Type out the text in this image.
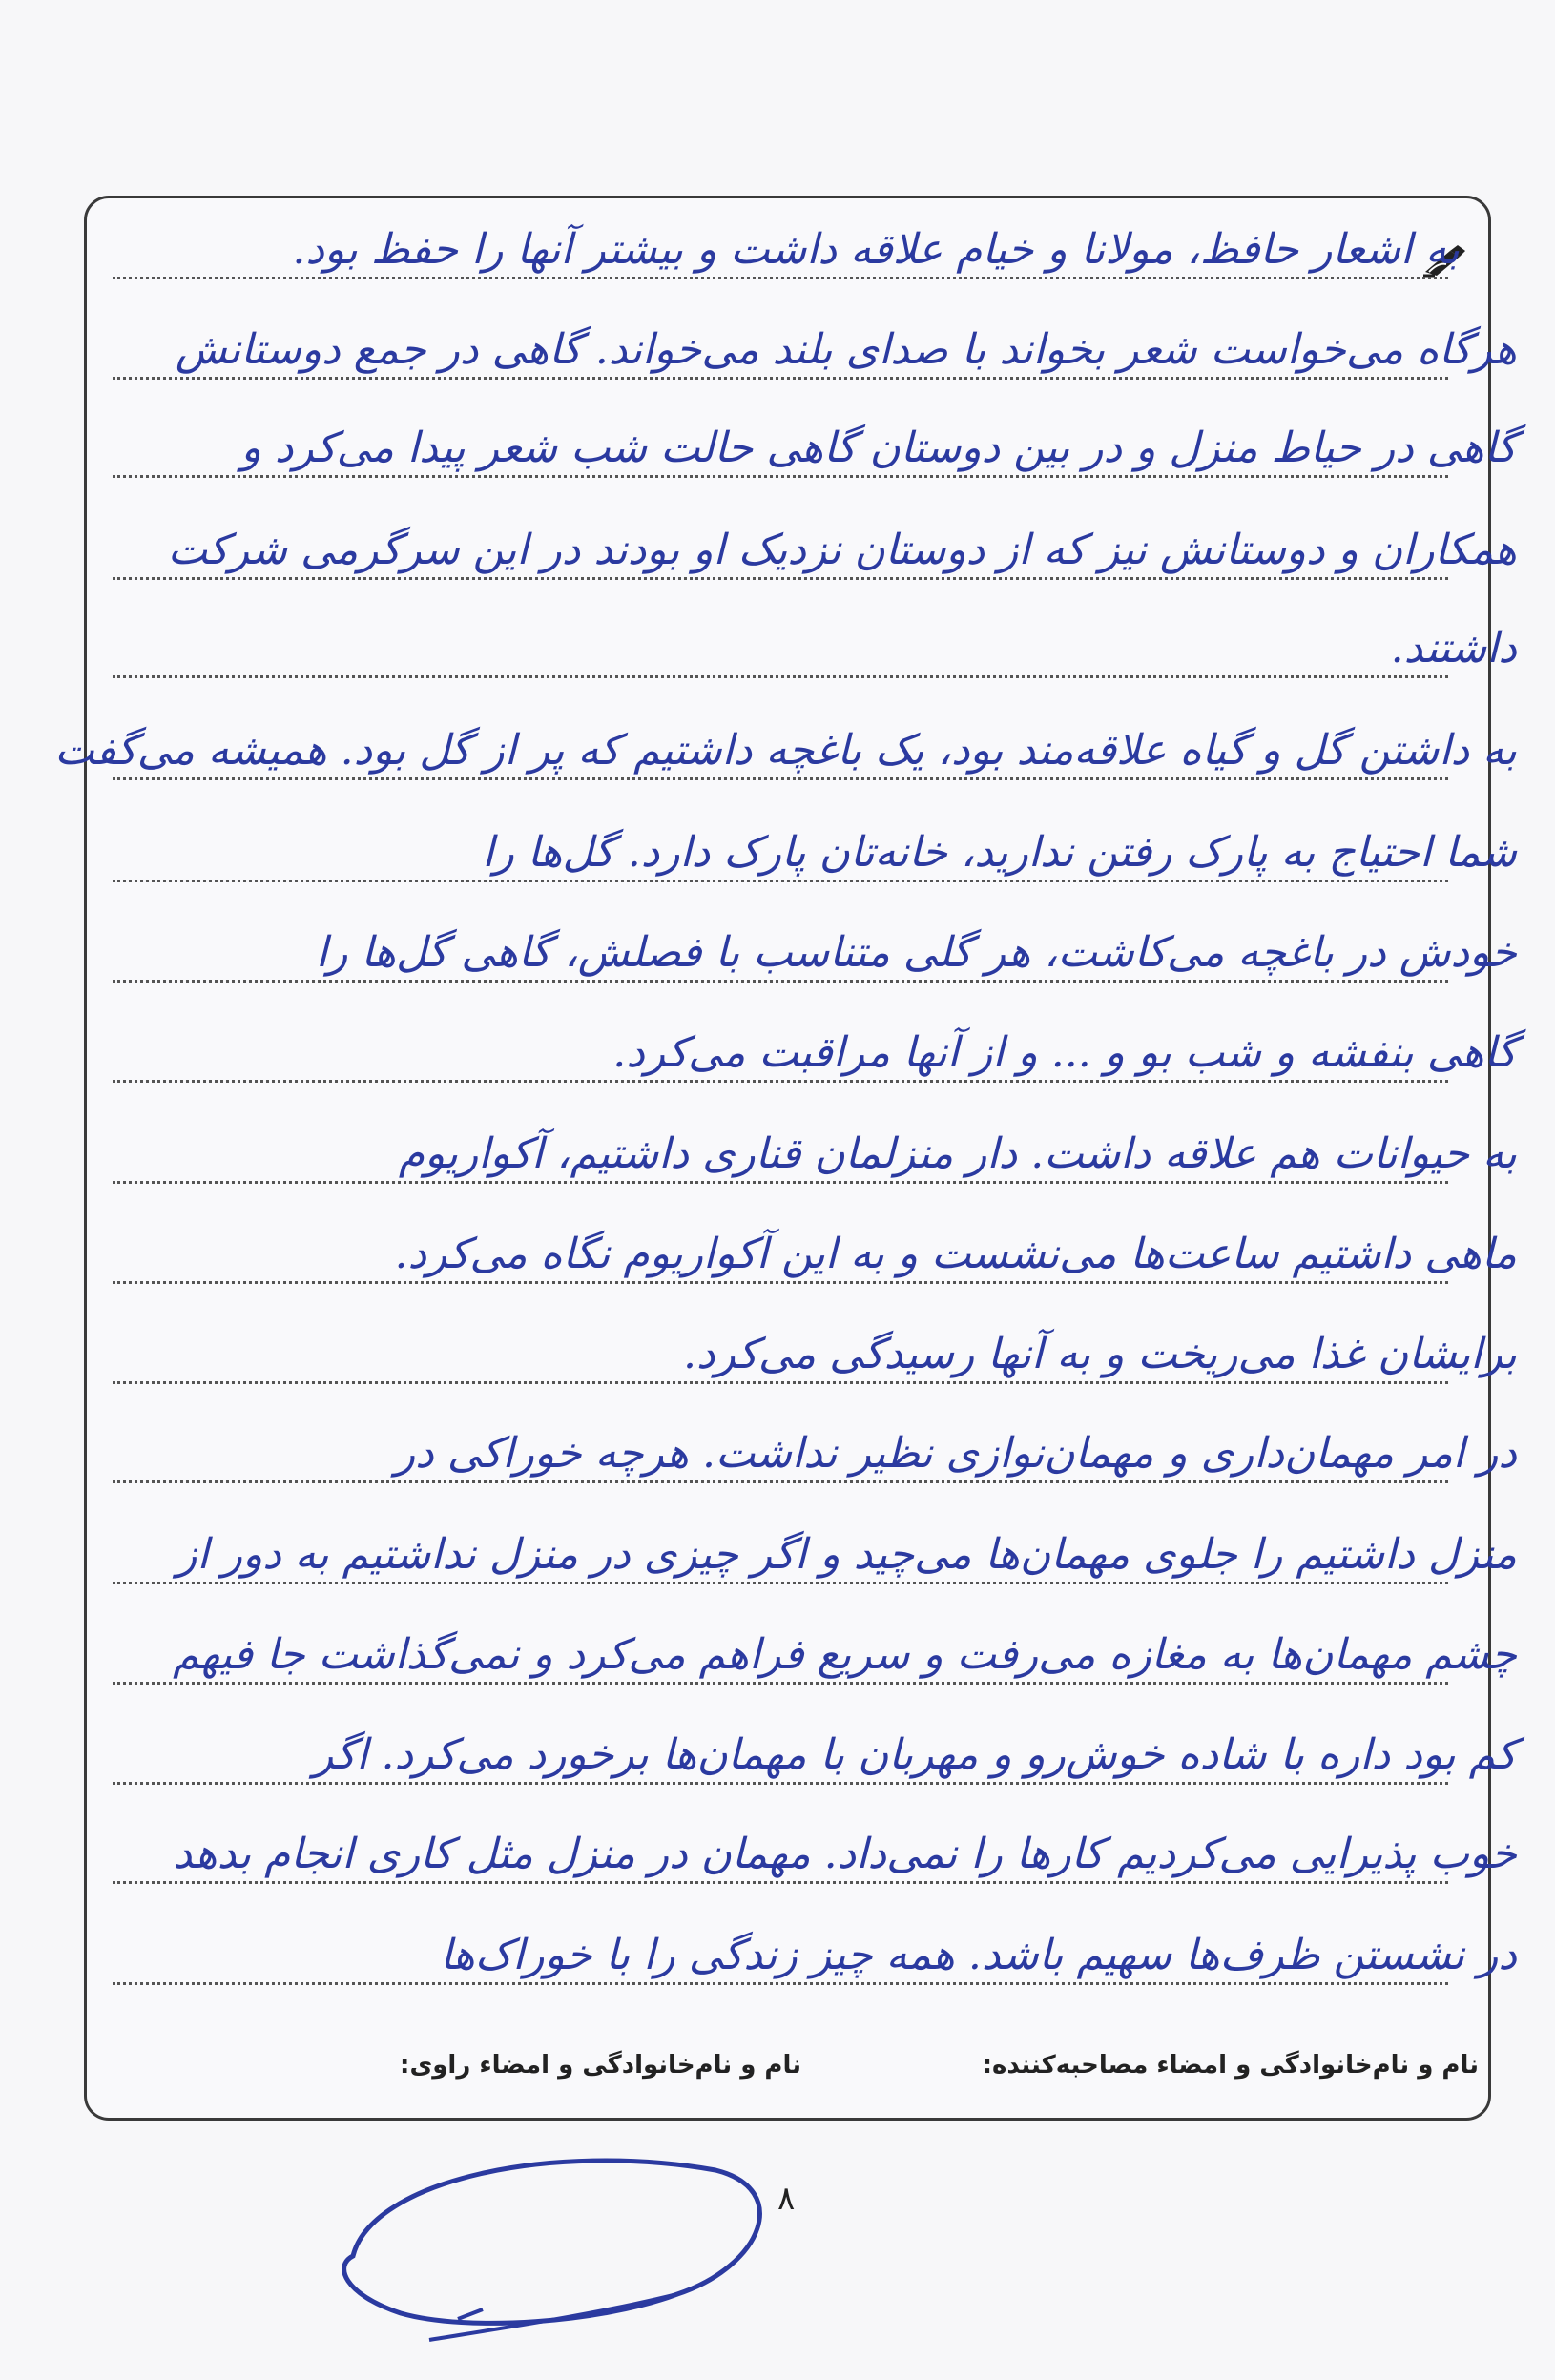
به اشعار حافظ، مولانا و خیام علاقه داشت و بیشتر آنها را حفظ بود.
هرگاه می‌خواست شعر بخواند با صدای بلند می‌خواند. گاهی در جمع دوستانش
گاهی در حیاط منزل و در بین دوستان گاهی حالت شب شعر پیدا می‌کرد و
همکاران و دوستانش نیز که از دوستان نزدیک او بودند در این سرگرمی شرکت
داشتند.
به داشتن گل و گیاه علاقه‌مند بود، یک باغچه داشتیم که پر از گل بود. همیشه می‌گفت
شما احتیاج به پارک رفتن ندارید، خانه‌تان پارک دارد. گل‌ها را
خودش در باغچه می‌کاشت، هر گلی متناسب با فصلش، گاهی گل‌ها را
گاهی بنفشه و شب بو و ... و از آنها مراقبت می‌کرد.
به حیوانات هم علاقه داشت. دار منزلمان قناری داشتیم، آکواریوم
ماهی داشتیم ساعت‌ها می‌نشست و به این آکواریوم نگاه می‌کرد.
برایشان غذا می‌ریخت و به آنها رسیدگی می‌کرد.
در امر مهمان‌داری و مهمان‌نوازی نظیر نداشت. هرچه خوراکی در
منزل داشتیم را جلوی مهمان‌ها می‌چید و اگر چیزی در منزل نداشتیم به دور از
چشم مهمان‌ها به مغازه می‌رفت و سریع فراهم می‌کرد و نمی‌گذاشت جا فیهم
کم بود داره با شاده خوش‌رو و مهربان با مهمان‌ها برخورد می‌کرد. اگر
خوب پذیرایی می‌کردیم کارها را نمی‌داد. مهمان در منزل مثل کاری انجام بدهد
در نشستن ظرف‌ها سهیم باشد. همه چیز زندگی را با خوراک‌ها
نام و نام‌خانوادگی و امضاء مصاحبه‌کننده:
نام و نام‌خانوادگی و امضاء راوی:
۸
